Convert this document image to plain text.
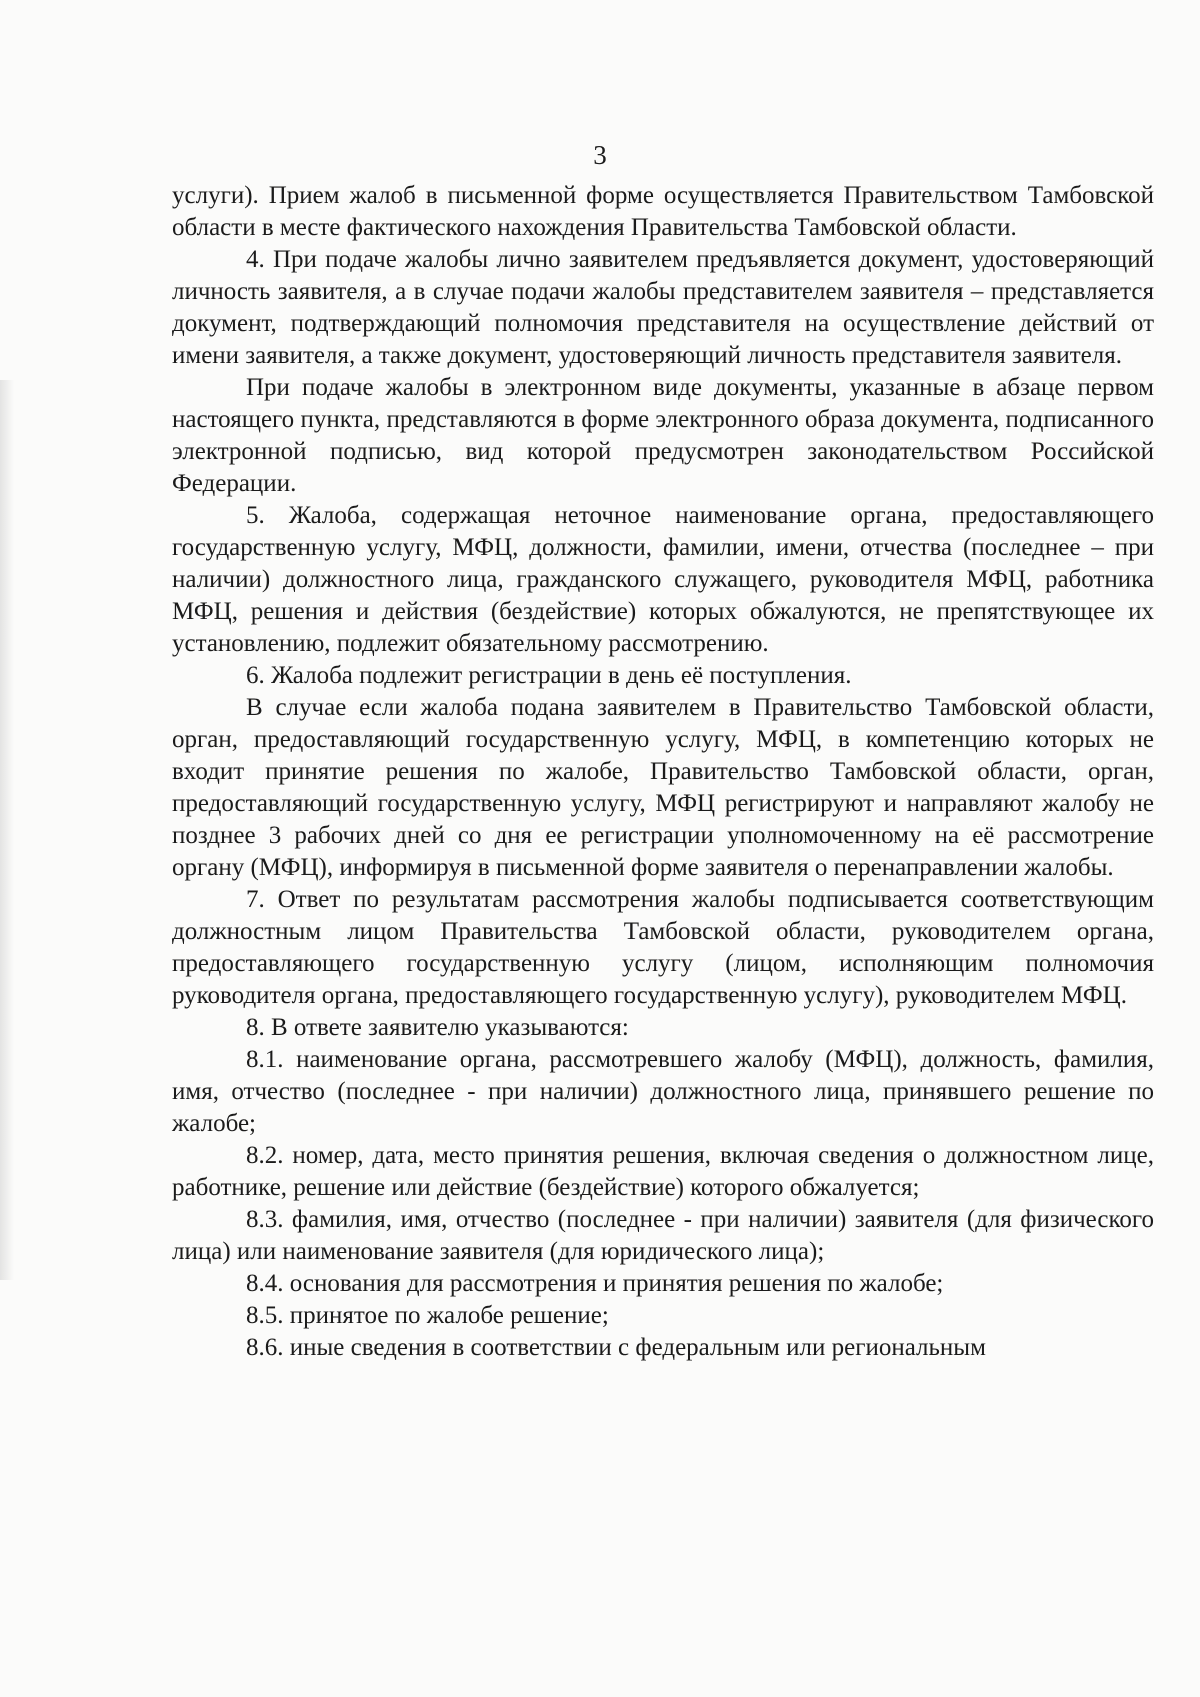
3

услуги). Прием жалоб в письменной форме осуществляется Правительством Тамбовской области в месте фактического нахождения Правительства Тамбовской области.

4. При подаче жалобы лично заявителем предъявляется документ, удостоверяющий личность заявителя, а в случае подачи жалобы представителем заявителя – представляется документ, подтверждающий полномочия представителя на осуществление действий от имени заявителя, а также документ, удостоверяющий личность представителя заявителя.

При подаче жалобы в электронном виде документы, указанные в абзаце первом настоящего пункта, представляются в форме электронного образа документа, подписанного электронной подписью, вид которой предусмотрен законодательством Российской Федерации.

5. Жалоба, содержащая неточное наименование органа, предоставляющего государственную услугу, МФЦ, должности, фамилии, имени, отчества (последнее – при наличии) должностного лица, гражданского служащего, руководителя МФЦ, работника МФЦ, решения и действия (бездействие) которых обжалуются, не препятствующее их установлению, подлежит обязательному рассмотрению.

6. Жалоба подлежит регистрации в день её поступления.

В случае если жалоба подана заявителем в Правительство Тамбовской области, орган, предоставляющий государственную услугу, МФЦ, в компетенцию которых не входит принятие решения по жалобе, Правительство Тамбовской области, орган, предоставляющий государственную услугу, МФЦ регистрируют и направляют жалобу не позднее 3 рабочих дней со дня ее регистрации уполномоченному на её рассмотрение органу (МФЦ), информируя в письменной форме заявителя о перенаправлении жалобы.

7. Ответ по результатам рассмотрения жалобы подписывается соответствующим должностным лицом Правительства Тамбовской области, руководителем органа, предоставляющего государственную услугу (лицом, исполняющим полномочия руководителя органа, предоставляющего государственную услугу), руководителем МФЦ.

8. В ответе заявителю указываются:

8.1. наименование органа, рассмотревшего жалобу (МФЦ), должность, фамилия, имя, отчество (последнее - при наличии) должностного лица, принявшего решение по жалобе;

8.2. номер, дата, место принятия решения, включая сведения о должностном лице, работнике, решение или действие (бездействие) которого обжалуется;

8.3. фамилия, имя, отчество (последнее - при наличии) заявителя (для физического лица) или наименование заявителя (для юридического лица);

8.4. основания для рассмотрения и принятия решения по жалобе;

8.5. принятое по жалобе решение;

8.6. иные сведения в соответствии с федеральным или региональным
